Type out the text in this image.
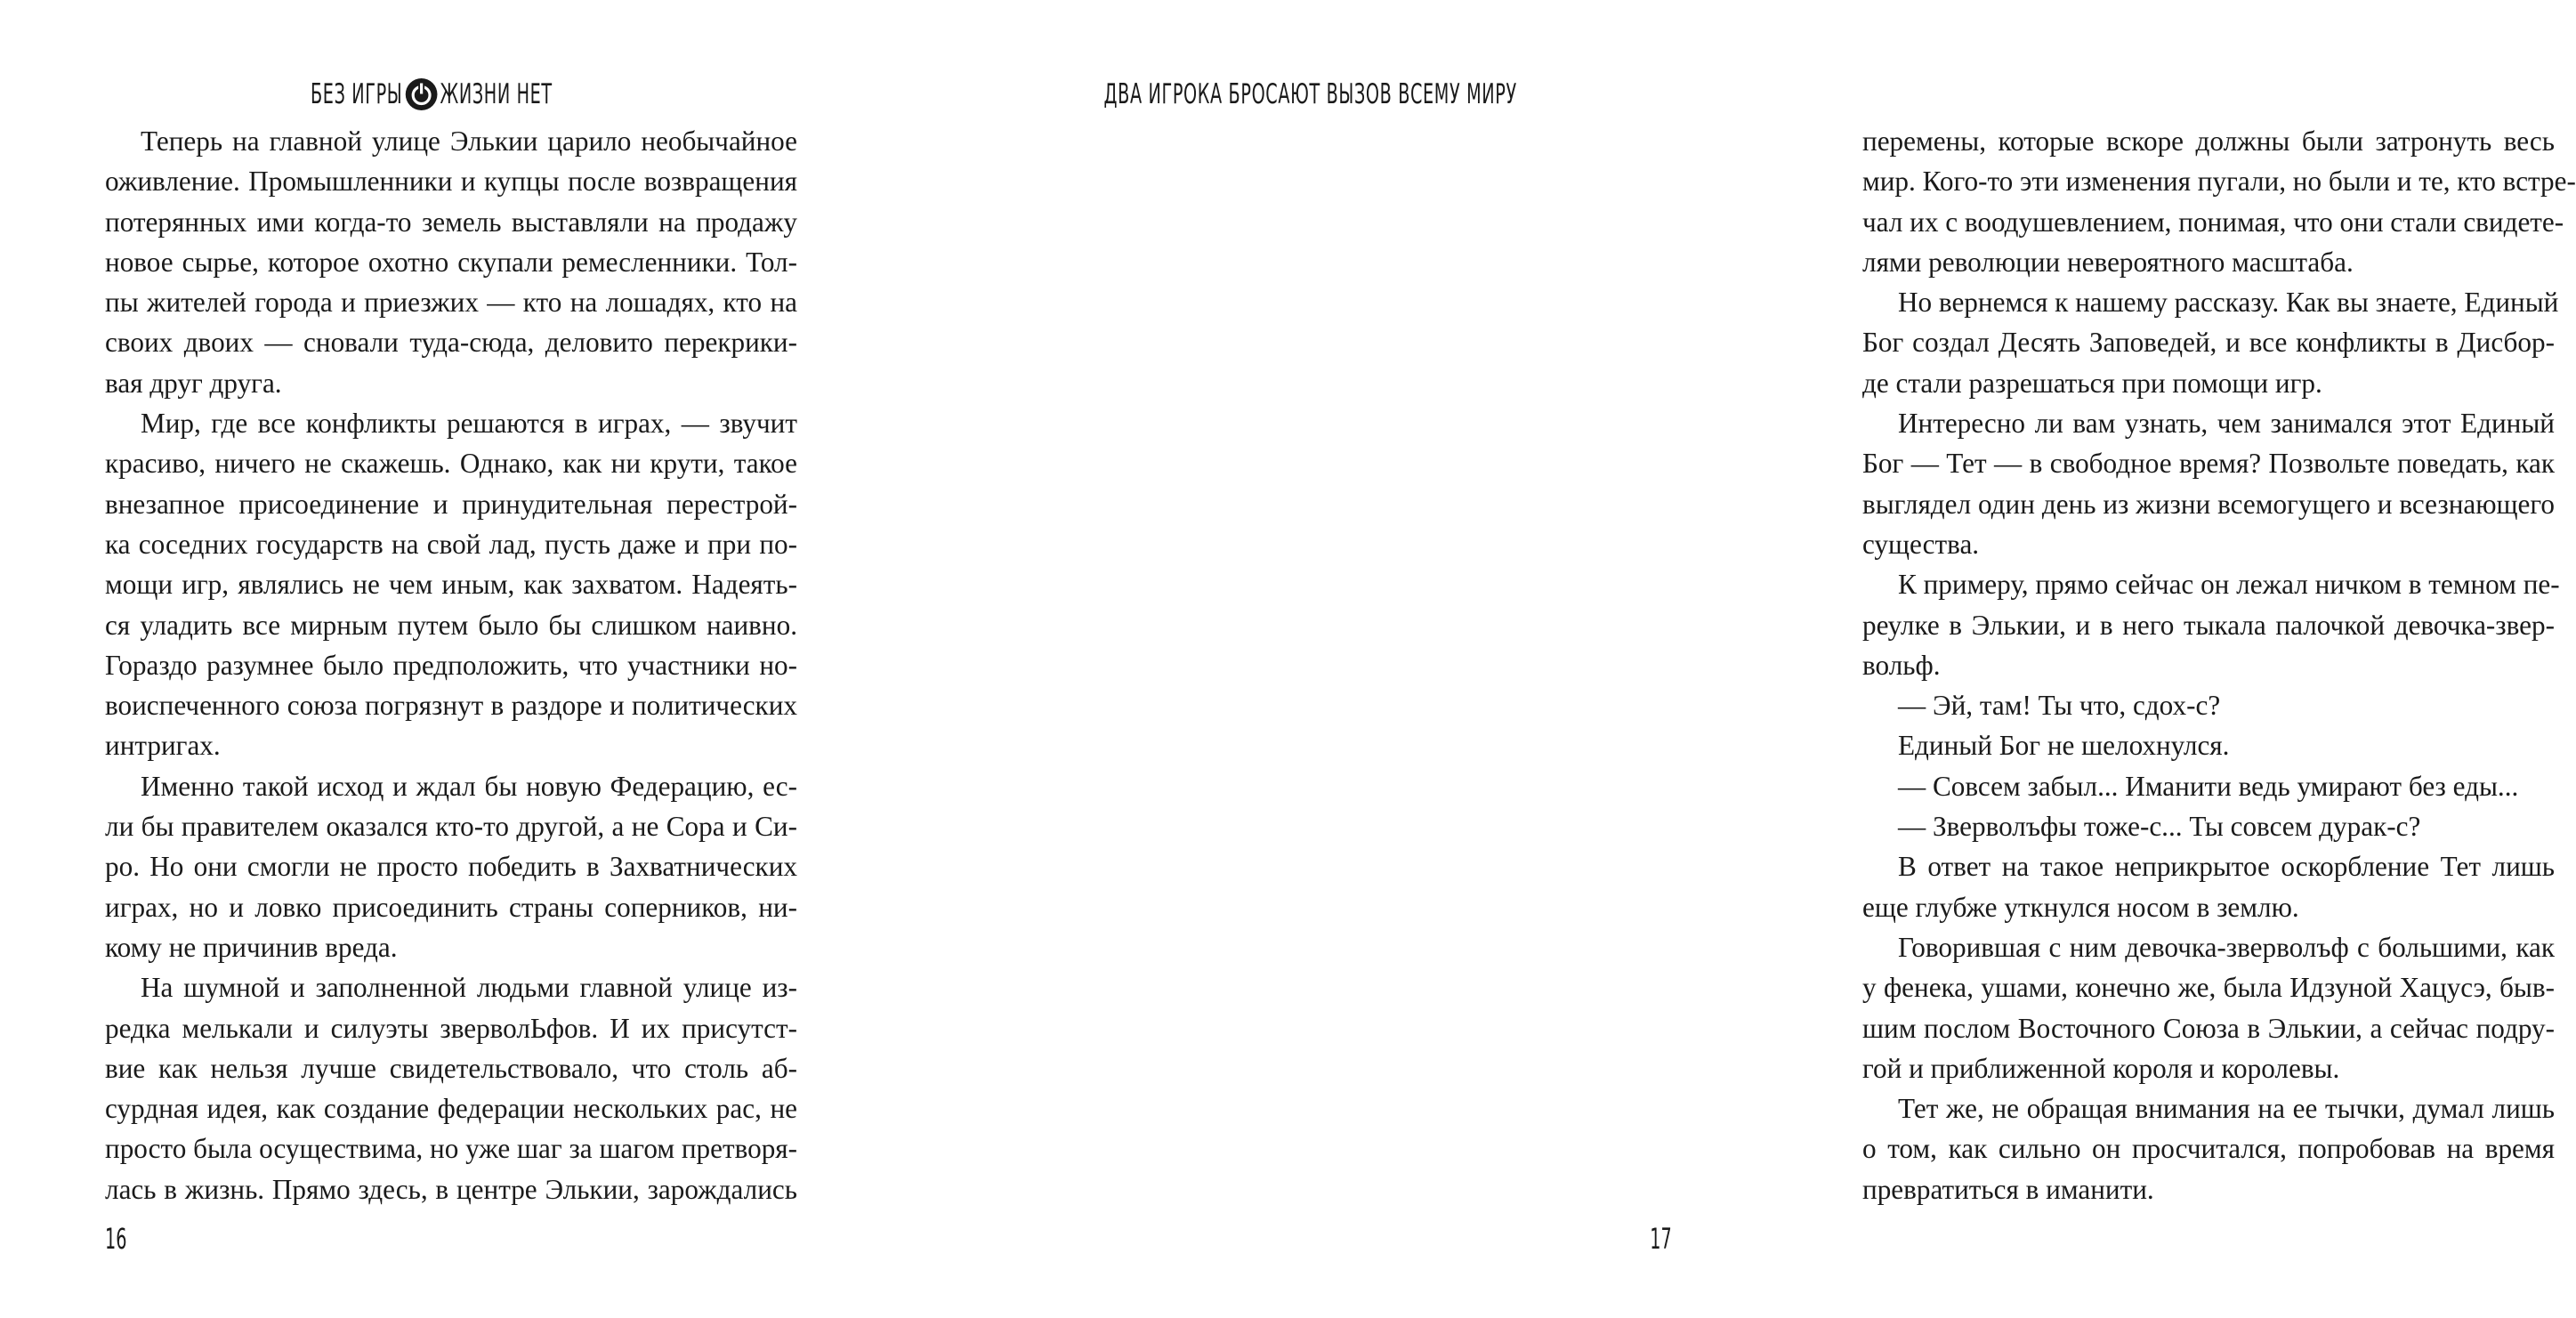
БЕЗ ИГРЫ ЖИЗНИ НЕТ
Теперь на главной улице Элькии царило необычайное
оживление. Промышленники и купцы после возвращения
потерянных ими когда-то земель выставляли на продажу
новое сырье, которое охотно скупали ремесленники. Тол-
пы жителей города и приезжих — кто на лошадях, кто на
своих двоих — сновали туда-сюда, деловито перекрики-
вая друг друга.
Мир, где все конфликты решаются в играх, — звучит
красиво, ничего не скажешь. Однако, как ни крути, такое
внезапное присоединение и принудительная перестрой-
ка соседних государств на свой лад, пусть даже и при по-
мощи игр, являлись не чем иным, как захватом. Надеять-
ся уладить все мирным путем было бы слишком наивно.
Гораздо разумнее было предположить, что участники но-
воиспеченного союза погрязнут в раздоре и политических
интригах.
Именно такой исход и ждал бы новую Федерацию, ес-
ли бы правителем оказался кто-то другой, а не Сора и Си-
ро. Но они смогли не просто победить в Захватнических
играх, но и ловко присоединить страны соперников, ни-
кому не причинив вреда.
На шумной и заполненной людьми главной улице из-
редка мелькали и силуэты зверволЬфов. И их присутст-
вие как нельзя лучше свидетельствовало, что столь аб-
сурдная идея, как создание федерации нескольких рас, не
просто была осуществима, но уже шаг за шагом претворя-
лась в жизнь. Прямо здесь, в центре Элькии, зарождались
16
ДВА ИГРОКА БРОСАЮТ ВЫЗОВ ВСЕМУ МИРУ
перемены, которые вскоре должны были затронуть весь
мир. Кого-то эти изменения пугали, но были и те, кто встре-
чал их с воодушевлением, понимая, что они стали свидете-
лями революции невероятного масштаба.
Но вернемся к нашему рассказу. Как вы знаете, Единый
Бог создал Десять Заповедей, и все конфликты в Дисбор-
де стали разрешаться при помощи игр.
Интересно ли вам узнать, чем занимался этот Единый
Бог — Тет — в свободное время? Позвольте поведать, как
выглядел один день из жизни всемогущего и всезнающего
существа.
К примеру, прямо сейчас он лежал ничком в темном пе-
реулке в Элькии, и в него тыкала палочкой девочка-звер-
вольф.
— Эй, там! Ты что, сдох-с?
Единый Бог не шелохнулся.
— Совсем забыл... Иманити ведь умирают без еды...
— Зверволъфы тоже-с... Ты совсем дурак-с?
В ответ на такое неприкрытое оскорбление Тет лишь
еще глубже уткнулся носом в землю.
Говорившая с ним девочка-зверволъф с большими, как
у фенека, ушами, конечно же, была Идзуной Хацусэ, быв-
шим послом Восточного Союза в Элькии, а сейчас подру-
гой и приближенной короля и королевы.
Тет же, не обращая внимания на ее тычки, думал лишь
о том, как сильно он просчитался, попробовав на время
превратиться в иманити.
17
